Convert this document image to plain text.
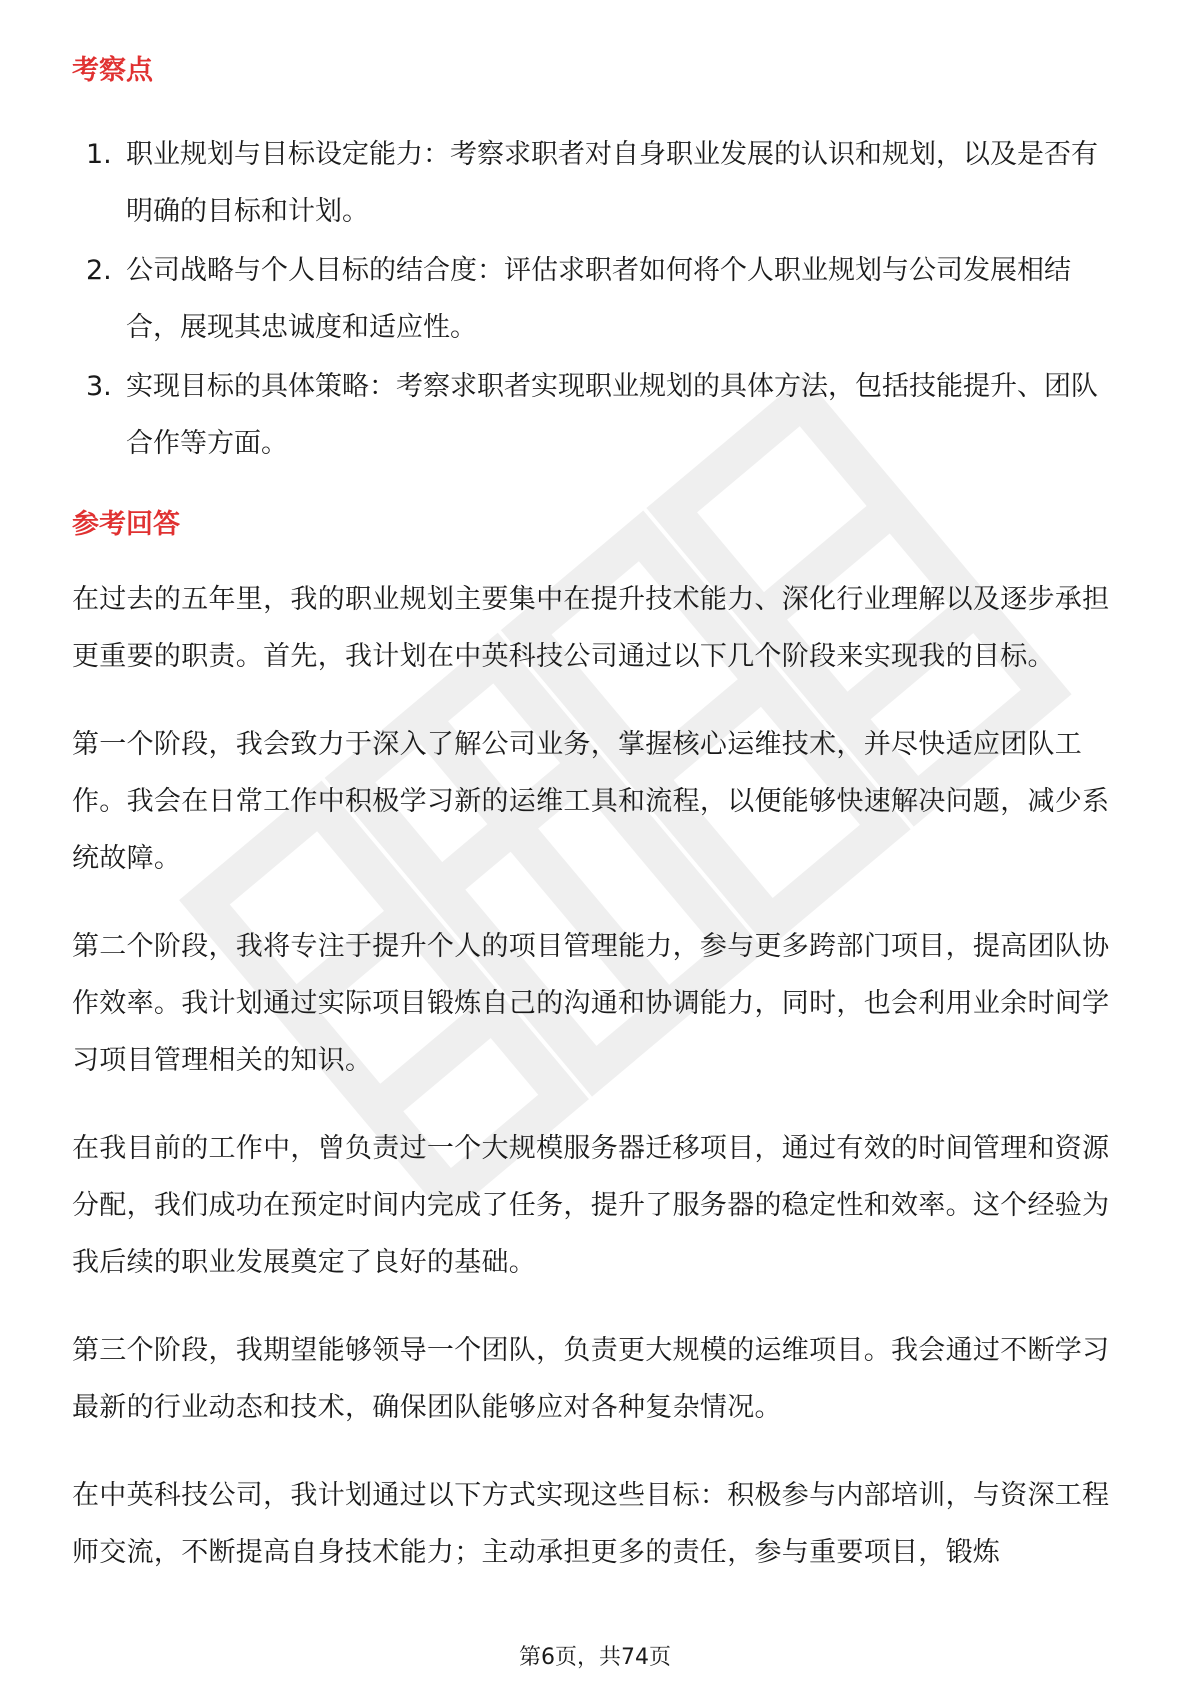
考察点
1. 职业规划与目标设定能力：考察求职者对自身职业发展的认识和规划，以及是否有明确的目标和计划。
2. 公司战略与个人目标的结合度：评估求职者如何将个人职业规划与公司发展相结合，展现其忠诚度和适应性。
3. 实现目标的具体策略：考察求职者实现职业规划的具体方法，包括技能提升、团队合作等方面。
参考回答

在过去的五年里，我的职业规划主要集中在提升技术能力、深化行业理解以及逐步承担更重要的职责。首先，我计划在中英科技公司通过以下几个阶段来实现我的目标。

第一个阶段，我会致力于深入了解公司业务，掌握核心运维技术，并尽快适应团队工作。我会在日常工作中积极学习新的运维工具和流程，以便能够快速解决问题，减少系统故障。

第二个阶段，我将专注于提升个人的项目管理能力，参与更多跨部门项目，提高团队协作效率。我计划通过实际项目锻炼自己的沟通和协调能力，同时，也会利用业余时间学习项目管理相关的知识。

在我目前的工作中，曾负责过一个大规模服务器迁移项目，通过有效的时间管理和资源分配，我们成功在预定时间内完成了任务，提升了服务器的稳定性和效率。这个经验为我后续的职业发展奠定了良好的基础。

第三个阶段，我期望能够领导一个团队，负责更大规模的运维项目。我会通过不断学习最新的行业动态和技术，确保团队能够应对各种复杂情况。

在中英科技公司，我计划通过以下方式实现这些目标：积极参与内部培训，与资深工程师交流，不断提高自身技术能力；主动承担更多的责任，参与重要项目，锻炼

第6页，共74页
